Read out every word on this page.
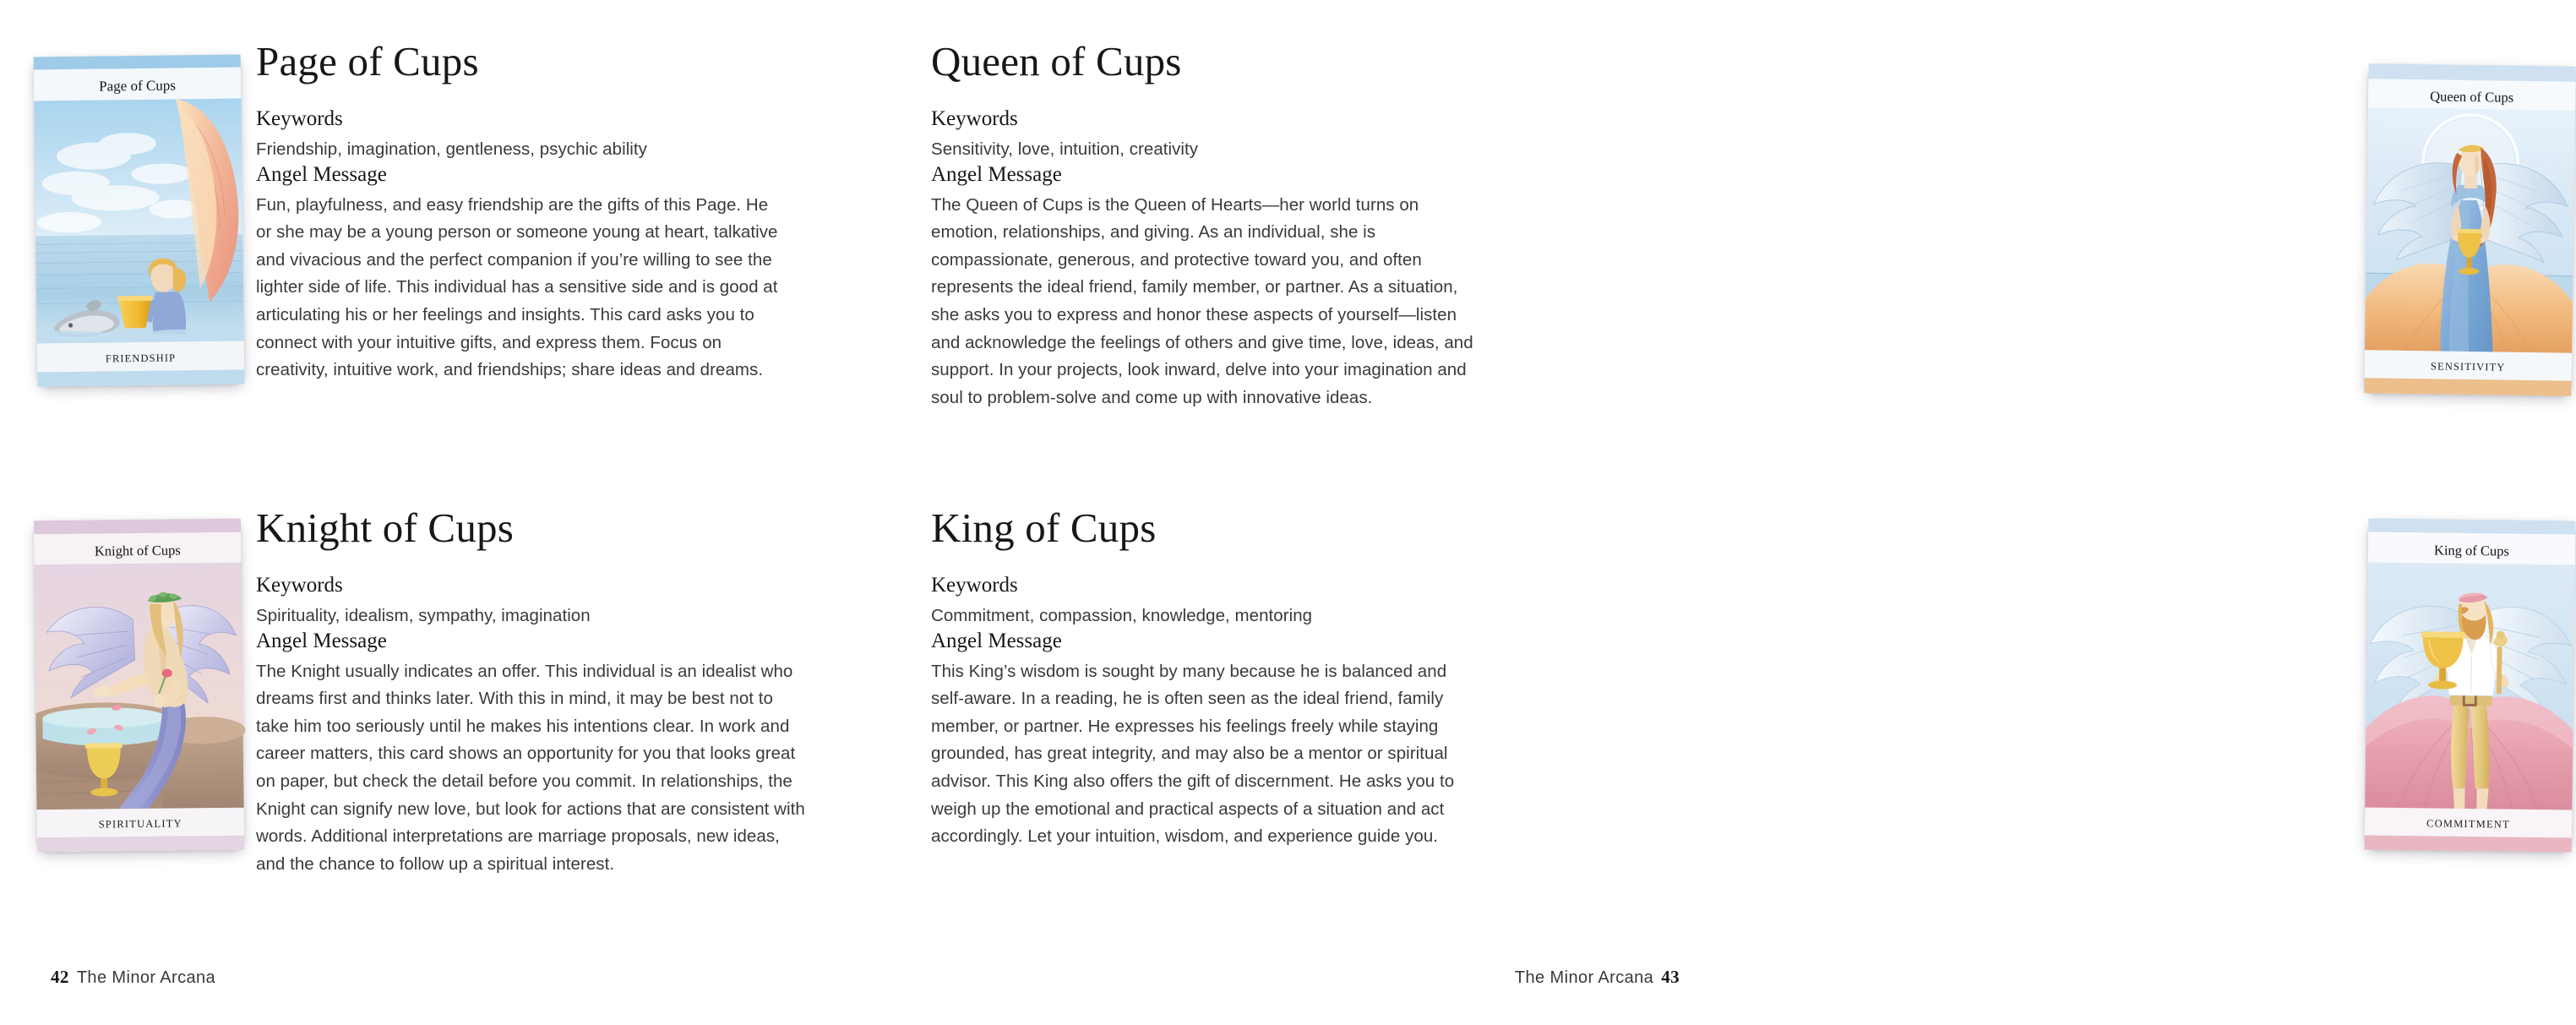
FRIENDSHIP
Page of Cups
Page of Cups
Keywords

Friendship, imagination, gentleness, psychic ability

Angel Message

Fun, playfulness, and easy friendship are the gifts of this Page. He or she may be a young person or someone young at heart, talkative and vivacious and the perfect companion if you’re willing to see the lighter side of life. This individual has a sensitive side and is good at articulating his or her feelings and insights. This card asks you to connect with your intuitive gifts, and express them. Focus on creativity, intuitive work, and friendships; share ideas and dreams.	SENSITIVITY
Queen of Cups
Queen of Cups
Keywords

Sensitivity, love, intuition, creativity

Angel Message

The Queen of Cups is the Queen of Hearts—her world turns on emotion, relationships, and giving. As an individual, she is compassionate, generous, and protective toward you, and often represents the ideal friend, family member, or partner. As a situation, she asks you to express and honor these aspects of yourself—listen and acknowledge the feelings of others and give time, love, ideas, and support. In your projects, look inward, delve into your imagination and soul to problem-solve and come up with innovative ideas.

SPIRITUALITY
Knight of Cups Knight of Cups
Keywords

Spirituality, idealism, sympathy, imagination

Angel Message

The Knight usually indicates an offer. This individual is an idealist who dreams first and thinks later. With this in mind, it may be best not to take him too seriously until he makes his intentions clear. In work and career matters, this card shows an opportunity for you that looks great on paper, but check the detail before you commit. In relationships, the Knight can signify new love, but look for actions that are consistent with words. Additional interpretations are marriage proposals, new ideas, and the chance to follow up a spiritual interest.

COMMITMENT
King of Cups
King of Cups
Keywords

Commitment, compassion, knowledge, mentoring

Angel Message

This King’s wisdom is sought by many because he is balanced and self-aware. In a reading, he is often seen as the ideal friend, family member, or partner. He expresses his feelings freely while staying grounded, has great integrity, and may also be a mentor or spiritual advisor. This King also offers the gift of discernment. He asks you to weigh up the emotional and practical aspects of a situation and act accordingly. Let your intuition, wisdom, and experience guide you.

42 The Minor Arcana	The Minor Arcana 43
